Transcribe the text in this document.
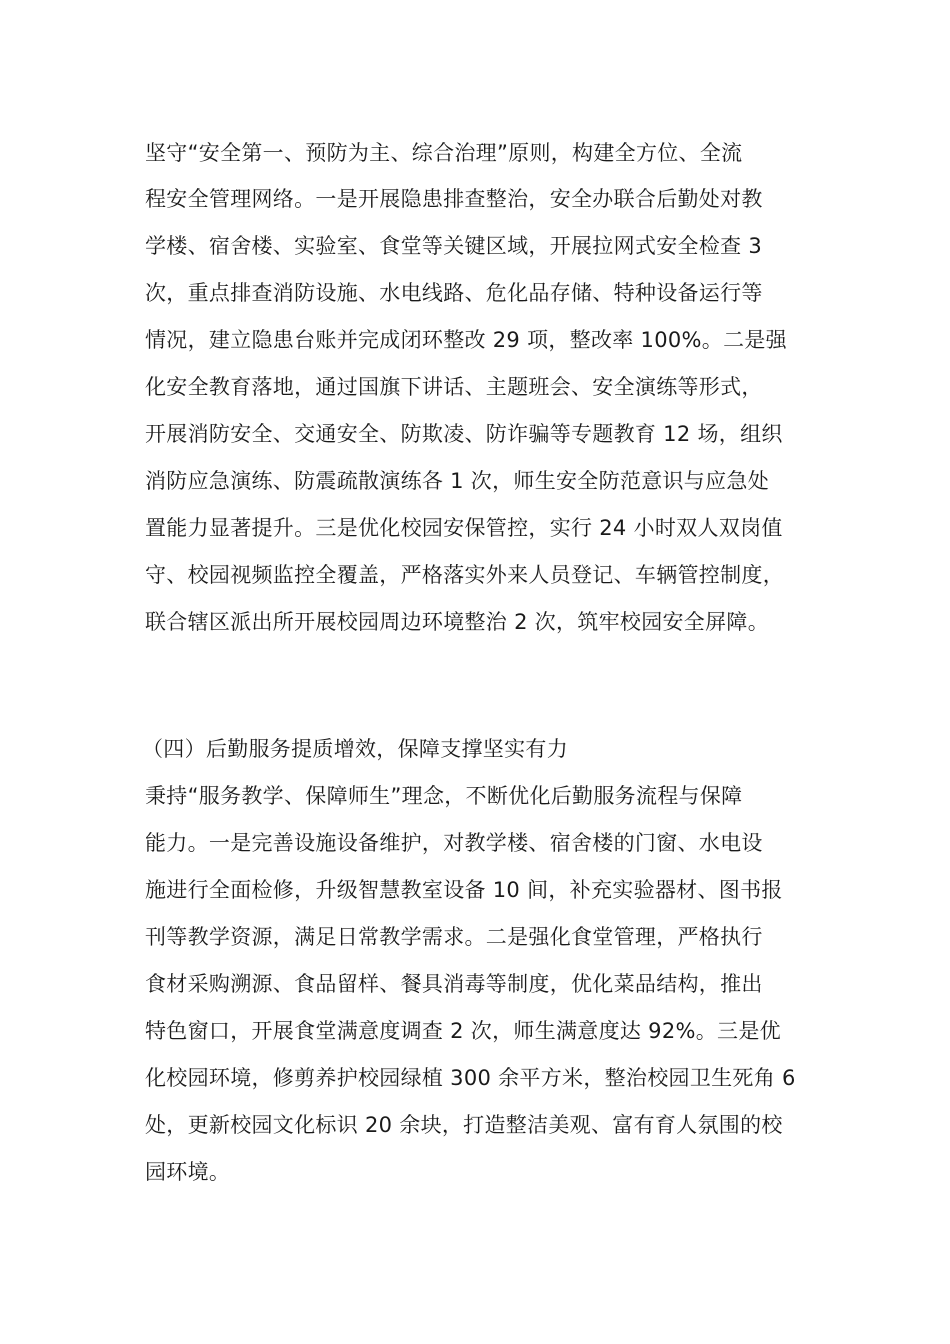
坚守“安全第一、预防为主、综合治理”原则，构建全方位、全流
程安全管理网络。一是开展隐患排查整治，安全办联合后勤处对教
学楼、宿舍楼、实验室、食堂等关键区域，开展拉网式安全检查 3
次，重点排查消防设施、水电线路、危化品存储、特种设备运行等
情况，建立隐患台账并完成闭环整改 29 项，整改率 100%。二是强
化安全教育落地，通过国旗下讲话、主题班会、安全演练等形式，
开展消防安全、交通安全、防欺凌、防诈骗等专题教育 12 场，组织
消防应急演练、防震疏散演练各 1 次，师生安全防范意识与应急处
置能力显著提升。三是优化校园安保管控，实行 24 小时双人双岗值
守、校园视频监控全覆盖，严格落实外来人员登记、车辆管控制度，
联合辖区派出所开展校园周边环境整治 2 次，筑牢校园安全屏障。
（四）后勤服务提质增效，保障支撑坚实有力
秉持“服务教学、保障师生”理念，不断优化后勤服务流程与保障
能力。一是完善设施设备维护，对教学楼、宿舍楼的门窗、水电设
施进行全面检修，升级智慧教室设备 10 间，补充实验器材、图书报
刊等教学资源，满足日常教学需求。二是强化食堂管理，严格执行
食材采购溯源、食品留样、餐具消毒等制度，优化菜品结构，推出
特色窗口，开展食堂满意度调查 2 次，师生满意度达 92%。三是优
化校园环境，修剪养护校园绿植 300 余平方米，整治校园卫生死角 6
处，更新校园文化标识 20 余块，打造整洁美观、富有育人氛围的校
园环境。
